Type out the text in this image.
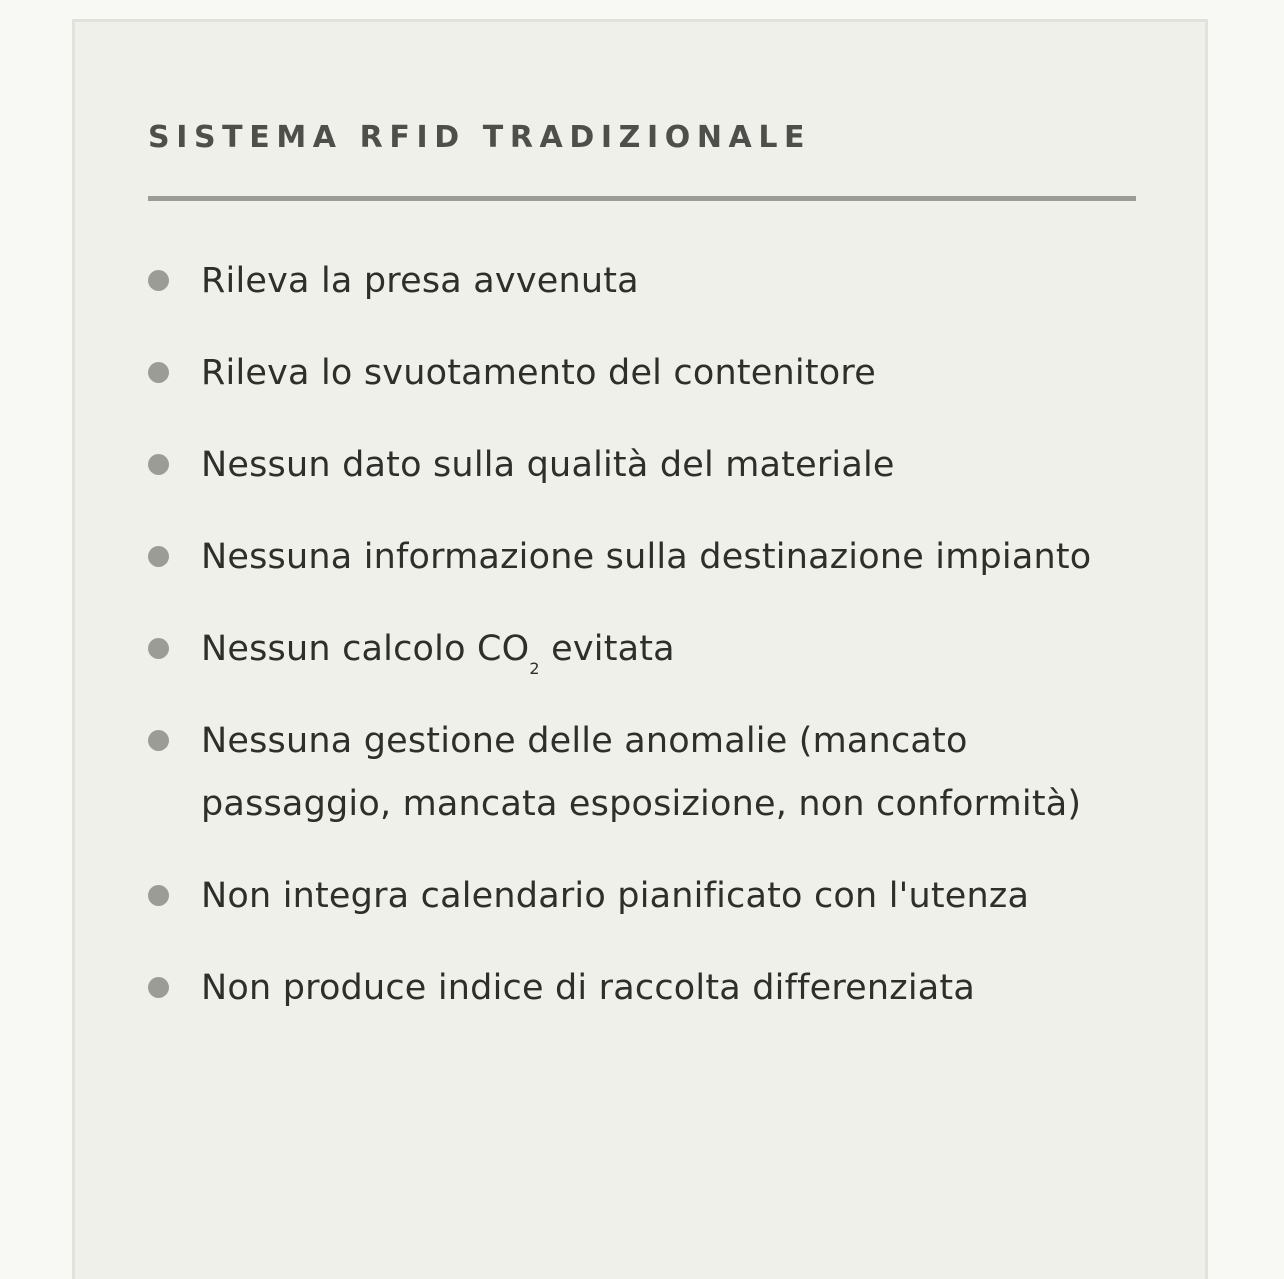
SISTEMA RFID TRADIZIONALE
Rileva la presa avvenuta
Rileva lo svuotamento del contenitore
Nessun dato sulla qualità del materiale
Nessuna informazione sulla destinazione impianto
Nessun calcolo $CO_2$ evitata
Nessuna gestione delle anomalie (mancato passaggio, mancata esposizione, non conformità)
Non integra calendario pianificato con l'utenza
Non produce indice di raccolta differenziata
